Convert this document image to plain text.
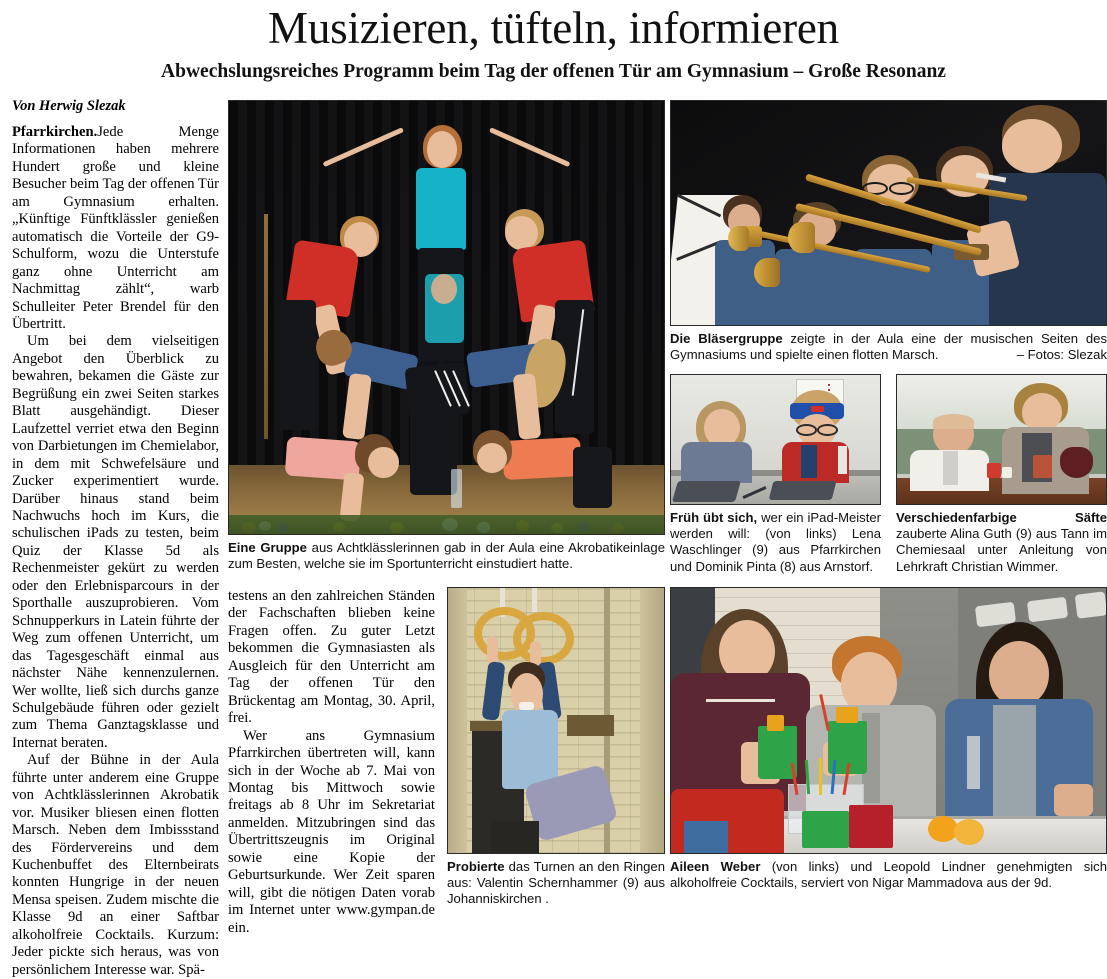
Musizieren, tüfteln, informieren
Abwechslungsreiches Programm beim Tag der offenen Tür am Gymnasium – Große Resonanz
Von Herwig Slezak

Pfarrkirchen.Jede Menge Informationen haben mehrere Hundert große und kleine Besucher beim Tag der offenen Tür am Gymnasium erhalten. „Künftige Fünftklässler genießen automatisch die Vorteile der G9-Schulform, wozu die Unterstufe ganz ohne Unterricht am Nachmittag zählt“, warb Schulleiter Peter Brendel für den Übertritt.

Um bei dem vielseitigen Angebot den Überblick zu bewahren, bekamen die Gäste zur Begrüßung ein zwei Seiten starkes Blatt ausgehändigt. Dieser Laufzettel verriet etwa den Beginn von Darbietungen im Chemielabor, in dem mit Schwefelsäure und Zucker experimentiert wurde. Darüber hinaus stand beim Nachwuchs hoch im Kurs, die schulischen iPads zu testen, beim Quiz der Klasse 5d als Rechenmeister gekürt zu werden oder den Erlebnisparcours in der Sporthalle auszuprobieren. Vom Schnupperkurs in Latein führte der Weg zum offenen Unterricht, um das Tagesgeschäft einmal aus nächster Nähe kennenzulernen. Wer wollte, ließ sich durchs ganze Schulgebäude führen oder gezielt zum Thema Ganztagsklasse und Internat beraten.

Auf der Bühne in der Aula führte unter anderem eine Gruppe von Achtklässlerinnen Akrobatik vor. Musiker bliesen einen flotten Marsch. Neben dem Imbissstand des Fördervereins und dem Kuchenbuffet des Elternbeirats konnten Hungrige in der neuen Mensa speisen. Zudem mischte die Klasse 9d an einer Saftbar alkoholfreie Cocktails. Kurzum: Jeder pickte sich heraus, was von persönlichem Interesse war. Spä-

testens an den zahlreichen Ständen der Fachschaften blieben keine Fragen offen. Zu guter Letzt bekommen die Gymnasiasten als Ausgleich für den Unterricht am Tag der offenen Tür den Brückentag am Montag, 30. April, frei.

Wer ans Gymnasium Pfarrkirchen übertreten will, kann sich in der Woche ab 7. Mai von Montag bis Mittwoch sowie freitags ab 8 Uhr im Sekretariat anmelden. Mitzubringen sind das Übertrittszeugnis im Original sowie eine Kopie der Geburtsurkunde. Wer Zeit sparen will, gibt die nötigen Daten vorab im Internet unter www.gympan.de ein.

Eine Gruppe aus Achtklässlerinnen gab in der Aula eine Akrobatikeinlage zum Besten, welche sie im Sportunterricht einstudiert hatte.
Probierte das Turnen an den Ringen aus: Valentin Schernhammer (9) aus Johanniskirchen .
Die Bläsergruppe zeigte in der Aula eine der musischen Seiten des Gymnasiums und spielte einen flotten Marsch.	– Fotos: Slezak
Früh übt sich, wer ein iPad-Meister werden will: (von links) Lena Waschlinger (9) aus Pfarrkirchen und Dominik Pinta (8) aus Arnstorf.
Verschiedenfarbige Säfte zauberte Alina Guth (9) aus Tann im Chemiesaal unter Anleitung von Lehrkraft Christian Wimmer.
Aileen Weber (von links) und Leopold Lindner genehmigten sich alkoholfreie Cocktails, serviert von Nigar Mammadova aus der 9d.
